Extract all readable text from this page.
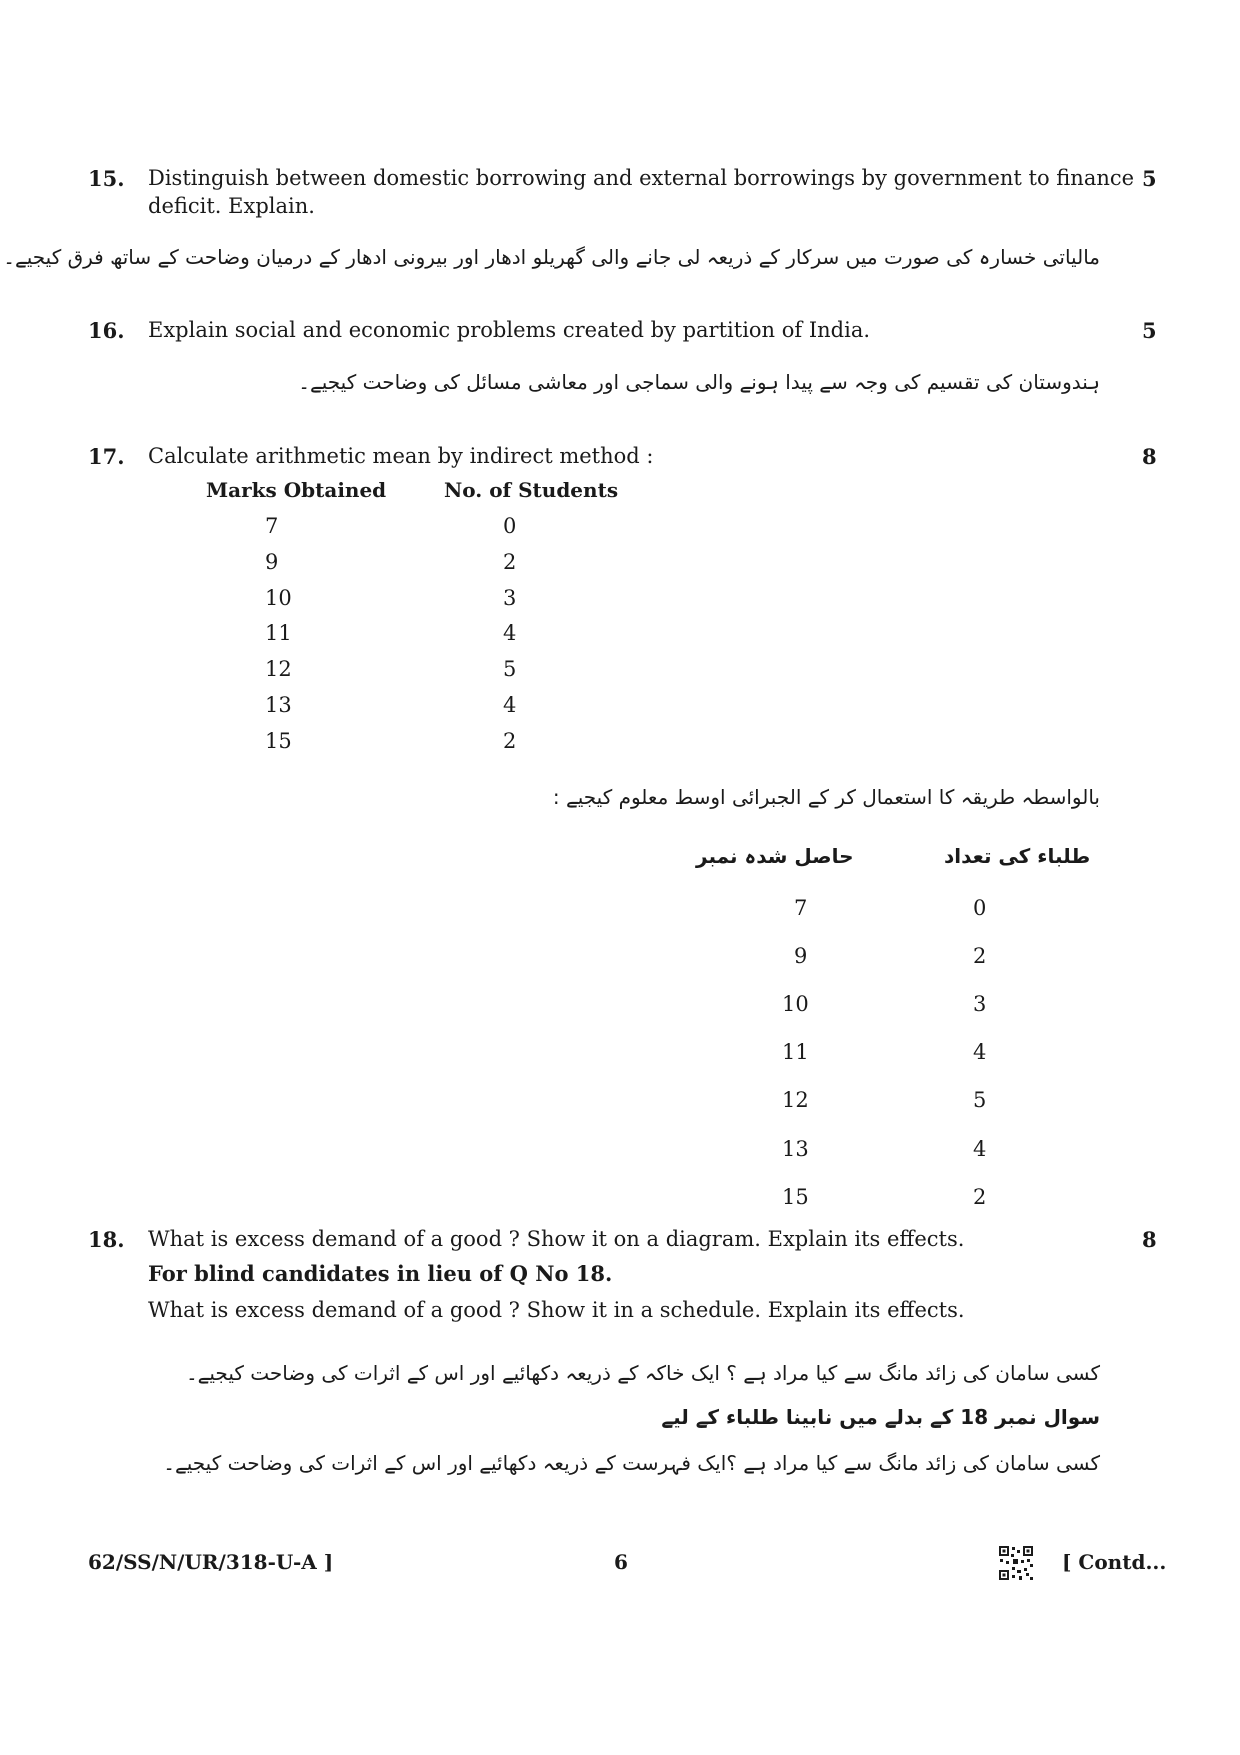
15. Distinguish between domestic borrowing and external borrowings by government to finance
deficit. Explain.
5
مالیاتی خسارہ کی صورت میں سرکار کے ذریعہ لی جانے والی گھریلو ادھار اور بیرونی ادھار کے درمیان وضاحت کے ساتھ فرق کیجیے۔
16. Explain social and economic problems created by partition of India.	5
ہندوستان کی تقسیم کی وجہ سے پیدا ہونے والی سماجی اور معاشی مسائل کی وضاحت کیجیے۔
17. Calculate arithmetic mean by indirect method :	8
Marks Obtained	No. of Students
7	0
9	2
10	3
11	4
12	5
13	4
15	2
بالواسطہ طریقہ کا استعمال کر کے الجبرائی اوسط معلوم کیجیے :
حاصل شدہ نمبر	طلباء کی تعداد
7	0
9	2
10	3
11	4
12	5
13	4
15	2
18. What is excess demand of a good ? Show it on a diagram. Explain its effects.	8
For blind candidates in lieu of Q No 18.
What is excess demand of a good ? Show it in a schedule. Explain its effects.
کسی سامان کی زائد مانگ سے کیا مراد ہے ؟ ایک خاکہ کے ذریعہ دکھائیے اور اس کے اثرات کی وضاحت کیجیے۔
سوال نمبر 18 کے بدلے میں نابینا طلباء کے لیے
کسی سامان کی زائد مانگ سے کیا مراد ہے ؟ایک فہرست کے ذریعہ دکھائیے اور اس کے اثرات کی وضاحت کیجیے۔
62/SS/N/UR/318-U-A ]	6	[ Contd...
